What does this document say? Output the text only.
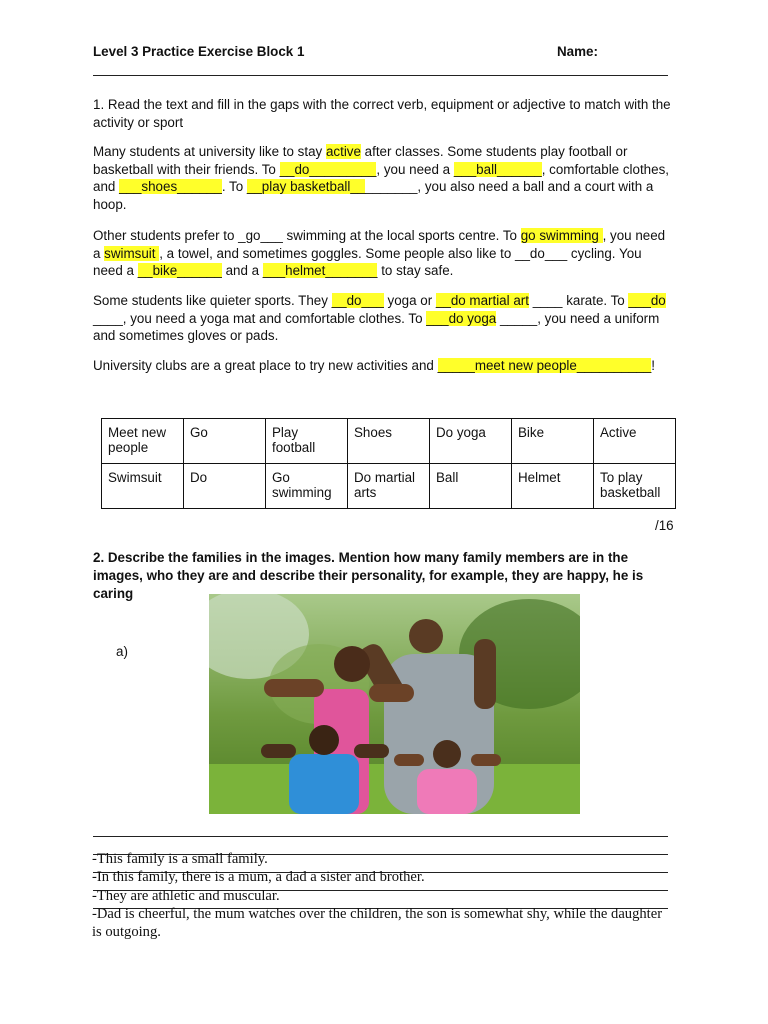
Level 3 Practice Exercise Block 1	Name:
1. Read the text and fill in the gaps with the correct verb, equipment or adjective to match with the activity or sport
Many students at university like to stay active after classes. Some students play football or basketball with their friends. To __do_________, you need a ___ball______, comfortable clothes, and ___shoes______. To __play basketball_________, you also need a ball and a court with a hoop.
Other students prefer to _go___ swimming at the local sports centre. To go swimming , you need a swimsuit , a towel, and sometimes goggles. Some people also like to __do___ cycling. You need a __bike______ and a ___helmet_______ to stay safe.
Some students like quieter sports. They __do___ yoga or __do martial art ____ karate. To ___do ____, you need a yoga mat and comfortable clothes. To ___do yoga _____, you need a uniform and sometimes gloves or pads.
University clubs are a great place to try new activities and _____meet new people__________!
Meet new people	Go	Play football	Shoes	Do yoga	Bike	Active
Swimsuit	Do	Go swimming	Do martial arts	Ball	Helmet	To play basketball
/16
2. Describe the families in the images. Mention how many family members are in the images, who they are and describe their personality, for example, they are happy, he is caring
a)
-This family is a small family.
-In this family, there is a mum, a dad a sister and brother.
-They are athletic and muscular.
-Dad is cheerful, the mum watches over the children, the son is somewhat shy, while the daughter is outgoing.
